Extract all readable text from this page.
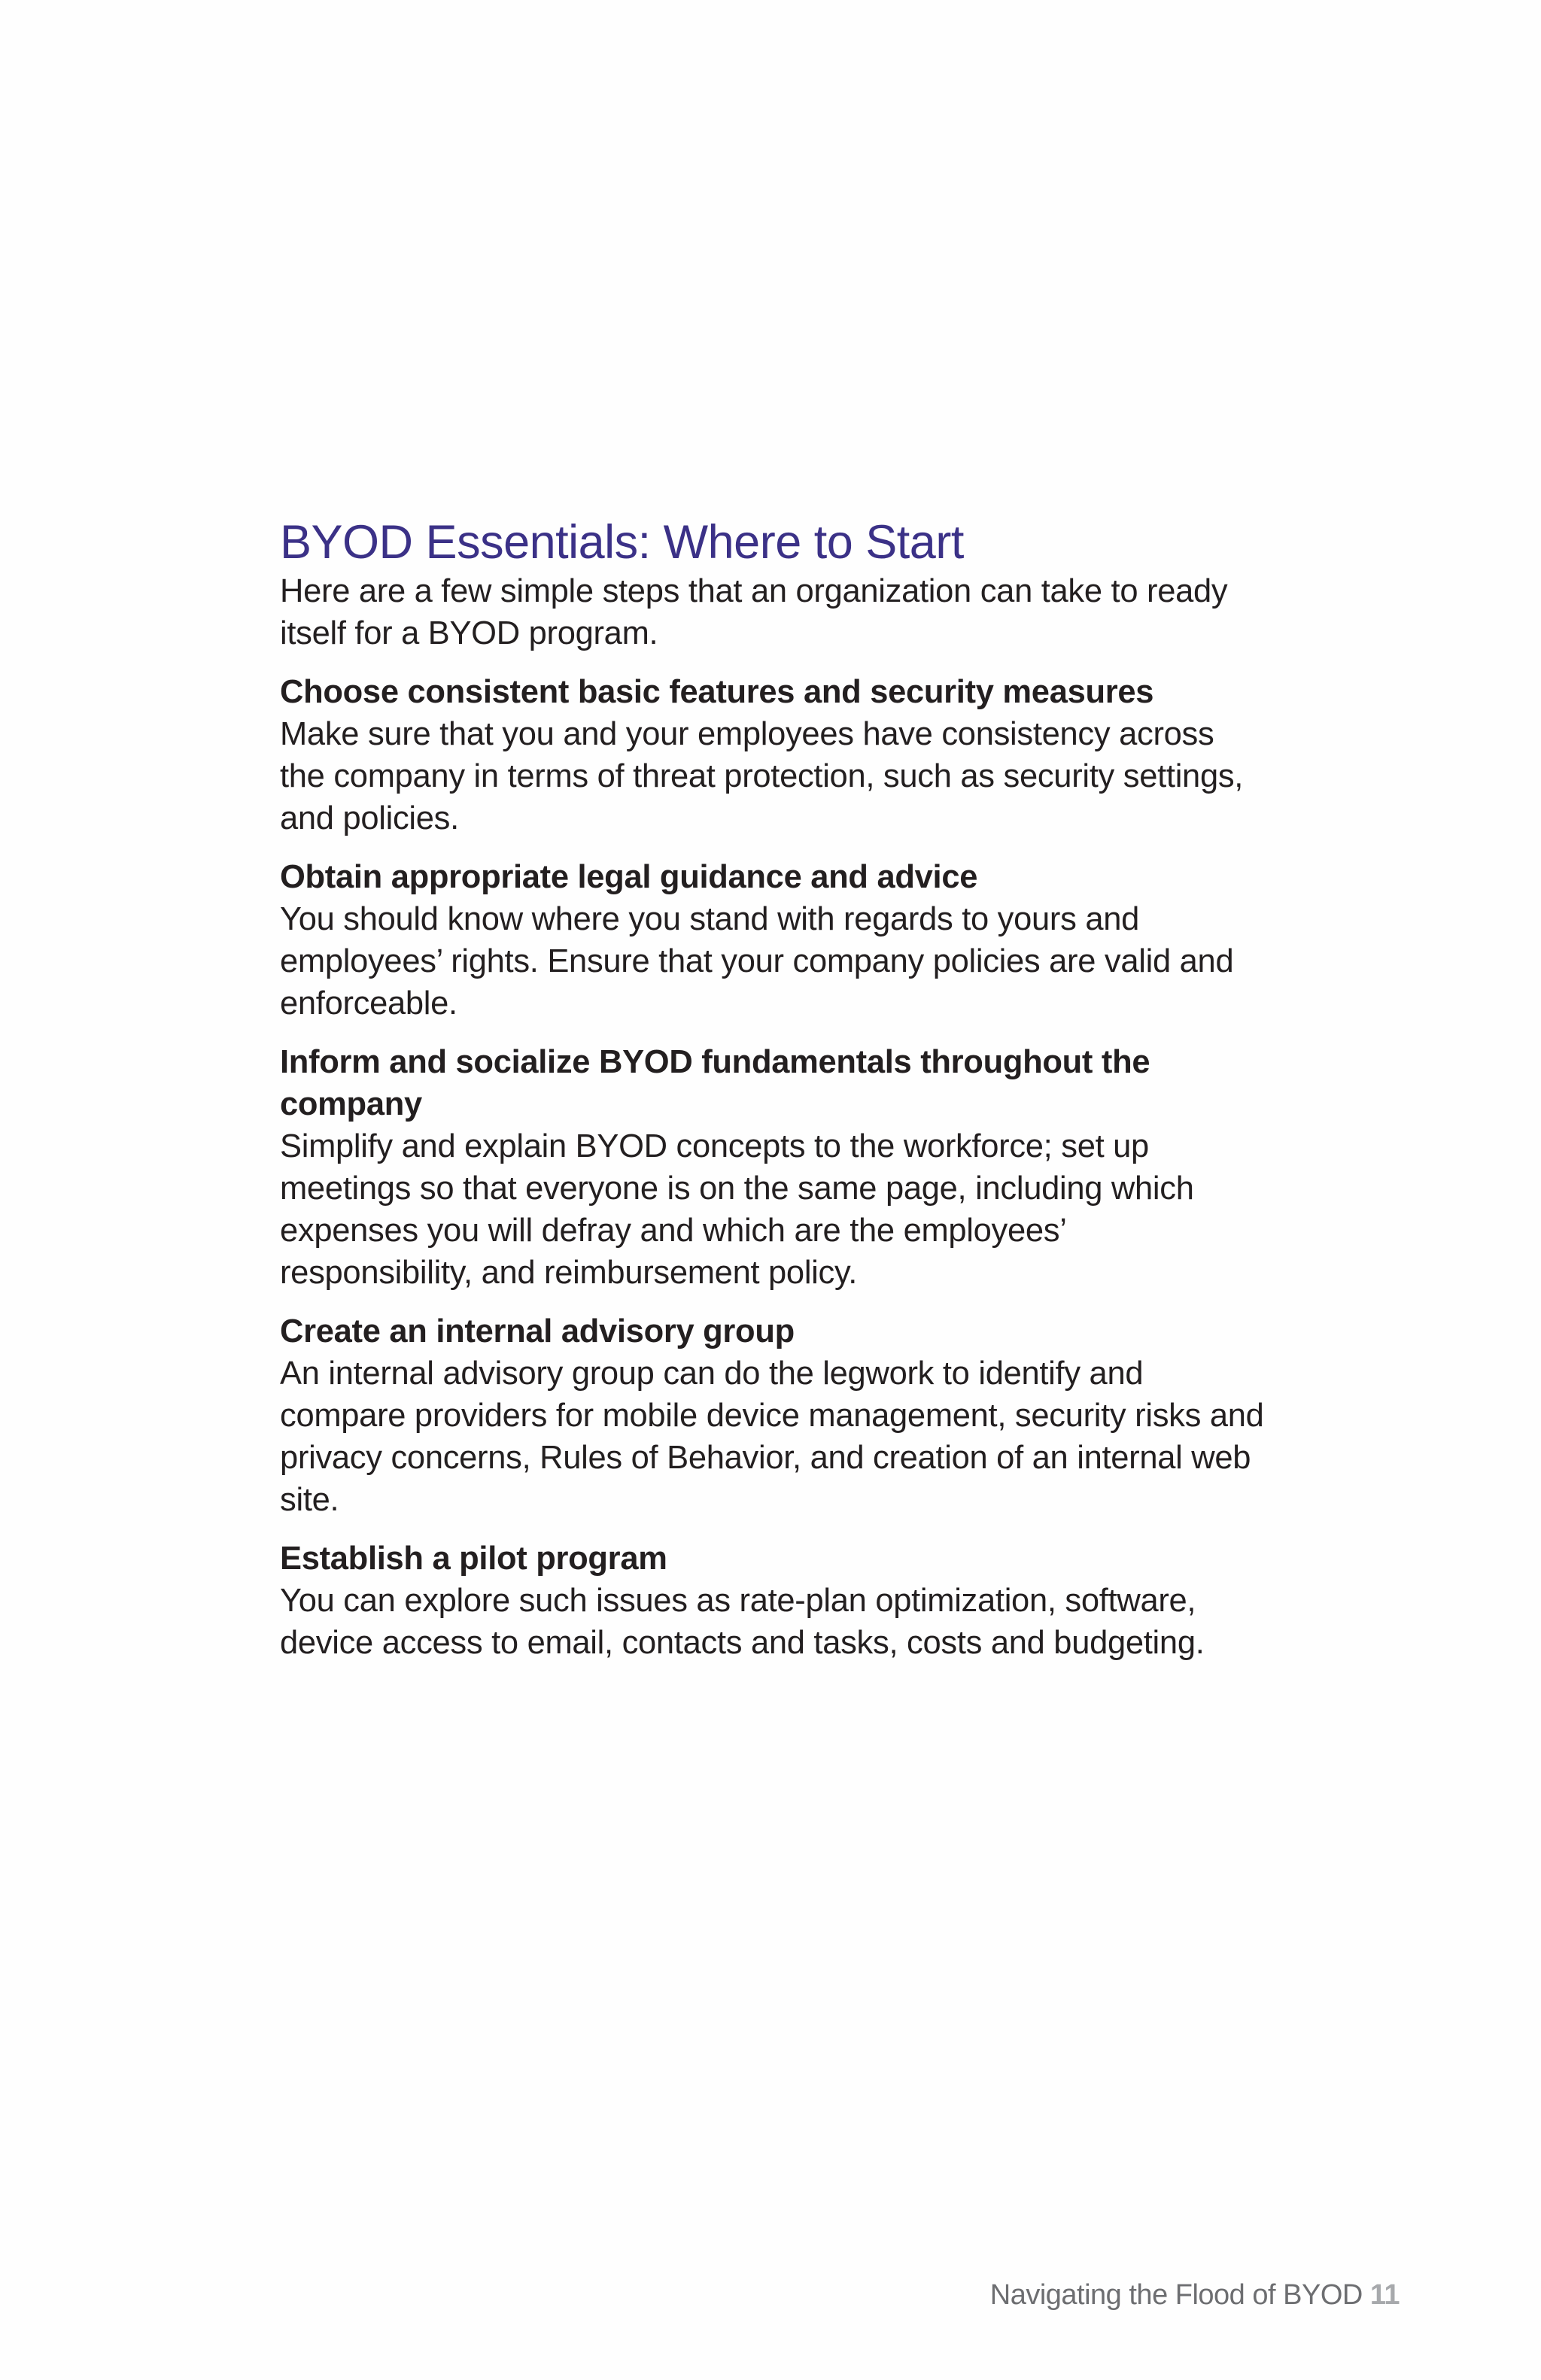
BYOD Essentials: Where to Start

Here are a few simple steps that an organization can take to ready itself for a BYOD program.

Choose consistent basic features and security measures

Make sure that you and your employees have consistency across the company in terms of threat protection, such as security settings, and policies.

Obtain appropriate legal guidance and advice

You should know where you stand with regards to yours and employees’ rights. Ensure that your company policies are valid and enforceable.

Inform and socialize BYOD fundamentals throughout the company

Simplify and explain BYOD concepts to the workforce; set up meetings so that everyone is on the same page, including which expenses you will defray and which are the employees’ responsibility, and reimbursement policy.

Create an internal advisory group

An internal advisory group can do the legwork to identify and compare providers for mobile device management, security risks and privacy concerns, Rules of Behavior, and creation of an internal web site.

Establish a pilot program

You can explore such issues as rate-plan optimization, software, device access to email, contacts and tasks, costs and budgeting.

Navigating the Flood of BYOD 11
